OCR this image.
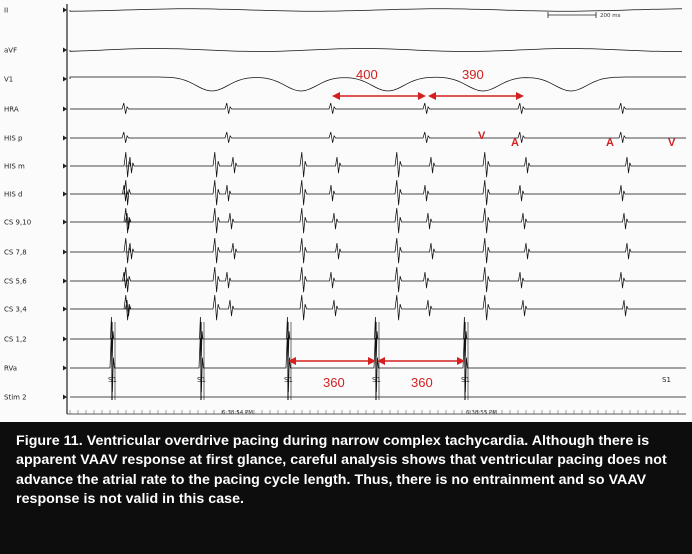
II
aVF
V1
HRA
HIS p
HIS m
HIS d
CS 9,10
CS 7,8
CS 5,6
CS 3,4
CS 1,2
RVa
Stim 2
S1	S1	S1	S1	S1	S1
200 ms
400	390
360	360
V
A	A	V
6:38:54 PM	6:38:55 PM

Figure 11. Ventricular overdrive pacing during narrow complex tachycardia. Although there is apparent VAAV response at first glance, careful analysis shows that ventricular pacing does not advance the atrial rate to the pacing cycle length. Thus, there is no entrainment and so VAAV response is not valid in this case.
